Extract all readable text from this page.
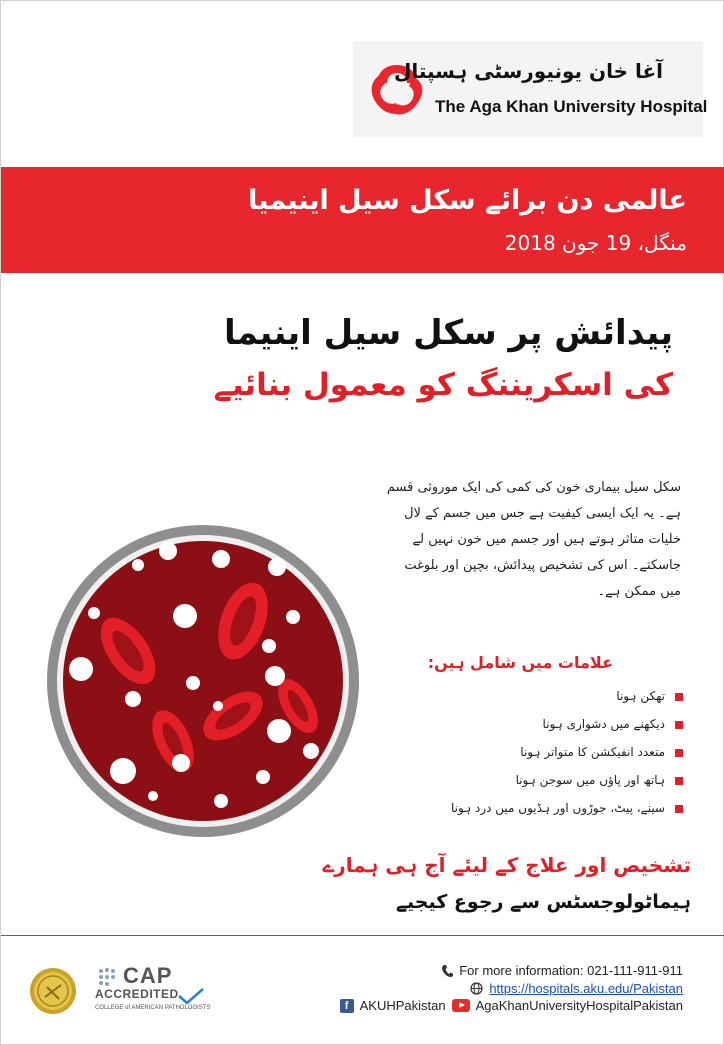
آغا خان یونیورسٹی ہسپتال
The Aga Khan University Hospital
عالمی دن برائے سکل سیل اینیمیا
منگل، 19 جون 2018
پیدائش پر سکل سیل اینیما
کی اسکریننگ کو معمول بنائیے

سکل سیل بیماری خون کی کمی کی ایک موروثی قسم ہے۔ یہ ایک ایسی کیفیت ہے جس میں جسم کے لال خلیات متاثر ہوتے ہیں اور جسم میں خون نہیں لے جاسکتے۔ اس کی تشخیص پیدائش، بچپن اور بلوغت میں ممکن ہے۔

علامات میں شامل ہیں:
تھکن ہونا
دیکھنے میں دشواری ہونا
متعدد انفیکشن کا متواتر ہونا
ہاتھ اور پاؤں میں سوجن ہونا
سینے، پیٹ، جوڑوں اور ہڈیوں میں درد ہونا
تشخیص اور علاج کے لیئے آج ہی ہمارے
ہیماٹولوجسٹس سے رجوع کیجیے
CAP
ACCREDITED
COLLEGE of AMERICAN PATHOLOGISTS
For more information: 021-111-911-911
https://hospitals.aku.edu/Pakistan
f AKUHPakistan AgaKhanUniversityHospitalPakistan
